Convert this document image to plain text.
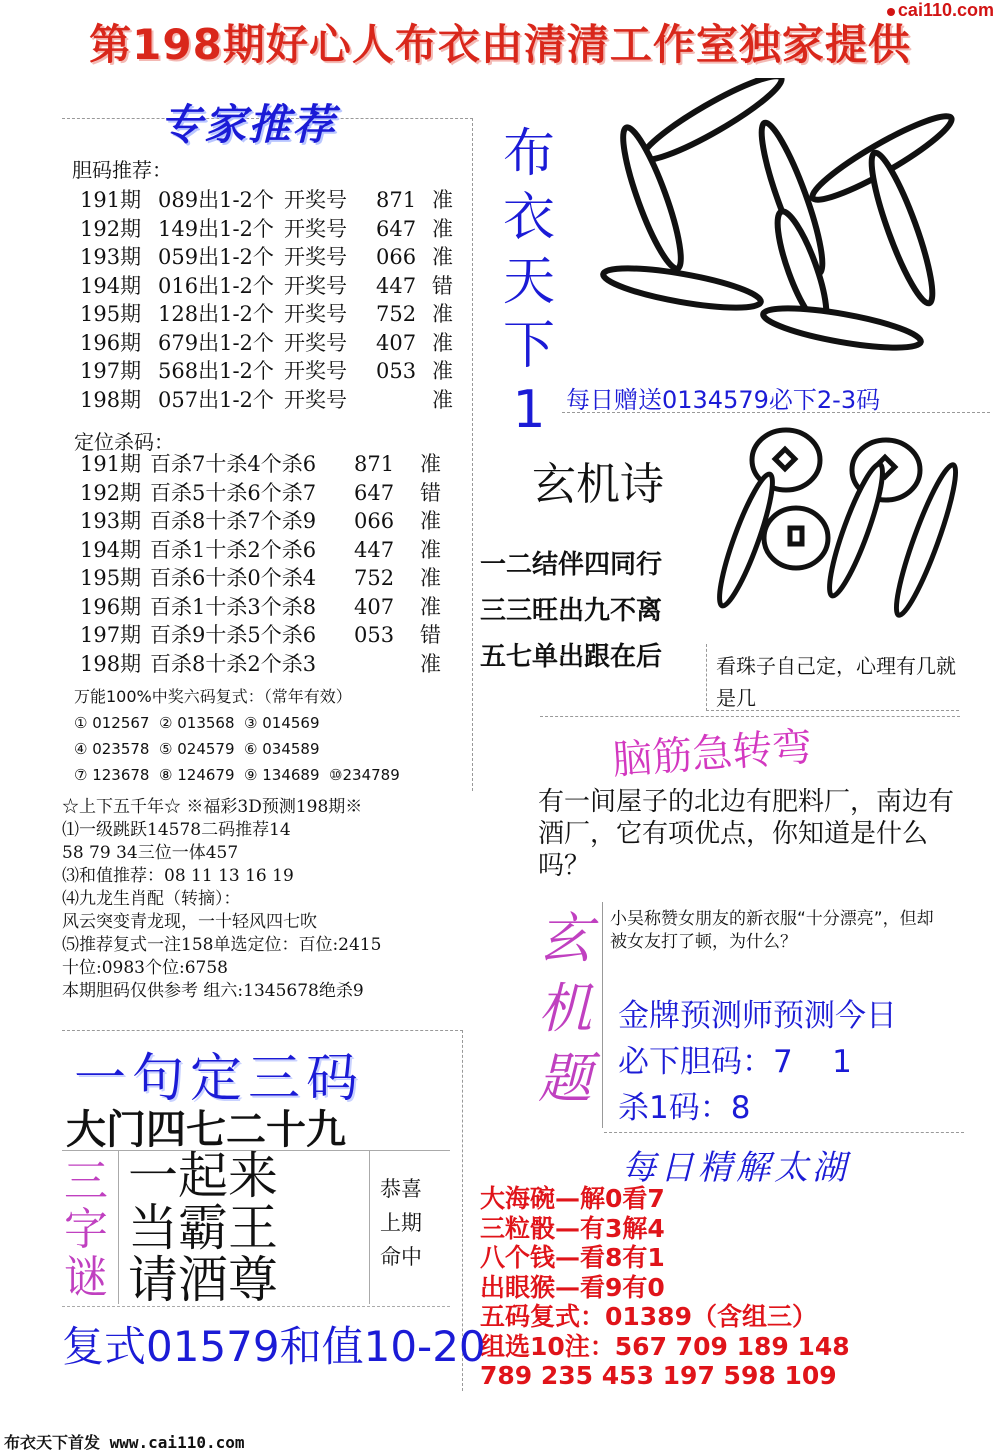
第198期好心人布衣由清清工作室独家提供
cai110.com
专家推荐
胆码推荐：
191期 089出1-2个 开奖号 871 准
192期 149出1-2个 开奖号 647 准
193期 059出1-2个 开奖号 066 准
194期 016出1-2个 开奖号 447 错
195期 128出1-2个 开奖号 752 准
196期 679出1-2个 开奖号 407 准
197期 568出1-2个 开奖号 053 准
198期 057出1-2个 开奖号	准
定位杀码：
191期 百杀7十杀4个杀6 871 准
192期 百杀5十杀6个杀7 647 错
193期 百杀8十杀7个杀9 066 准
194期 百杀1十杀2个杀6 447 准
195期 百杀6十杀0个杀4 752 准
196期 百杀1十杀3个杀8 407 准
197期 百杀9十杀5个杀6 053 错
198期 百杀8十杀2个杀3	准
万能100%中奖六码复式：（常年有效）
① 012567  ② 013568  ③ 014569
④ 023578  ⑤ 024579  ⑥ 034589
⑦ 123678  ⑧ 124679  ⑨ 134689  ⑩234789
☆上下五千年☆ ※福彩3D预测198期※
⑴一级跳跃14578二码推荐14
58 79 34三位一体457
⑶和值推荐：08 11 13 16 19
⑷九龙生肖配（转摘）：
风云突变青龙现，一十轻风四七吹
⑸推荐复式一注158单选定位：百位:2415
十位:0983个位:6758
本期胆码仅供参考 组六:1345678绝杀9
布衣天下1 每日赠送0134579必下2-3码
玄机诗
一二结伴四同行
三三旺出九不离
五七单出跟在后	看珠子自己定，心理有几就是几
脑筋急转弯
有一间屋子的北边有肥料厂，南边有酒厂，它有项优点，你知道是什么吗？
玄机题
小吴称赞女朋友的新衣服“十分漂亮”，但却被女友打了顿，为什么？
金牌预测师预测今日
必下胆码：7    1
杀1码：8
每日精解太湖
大海碗—解0看7
三粒骰—有3解4
八个钱—看8有1
出眼猴—看9有0
五码复式：01389（含组三）
组选10注：567 709 189 148
789 235 453 197 598 109
一句定三码
大门四七二十九
三字谜
一起来
当霸王
请酒尊
恭喜
上期
命中
复式01579和值10-20
布衣天下首发 www.cai110.com
